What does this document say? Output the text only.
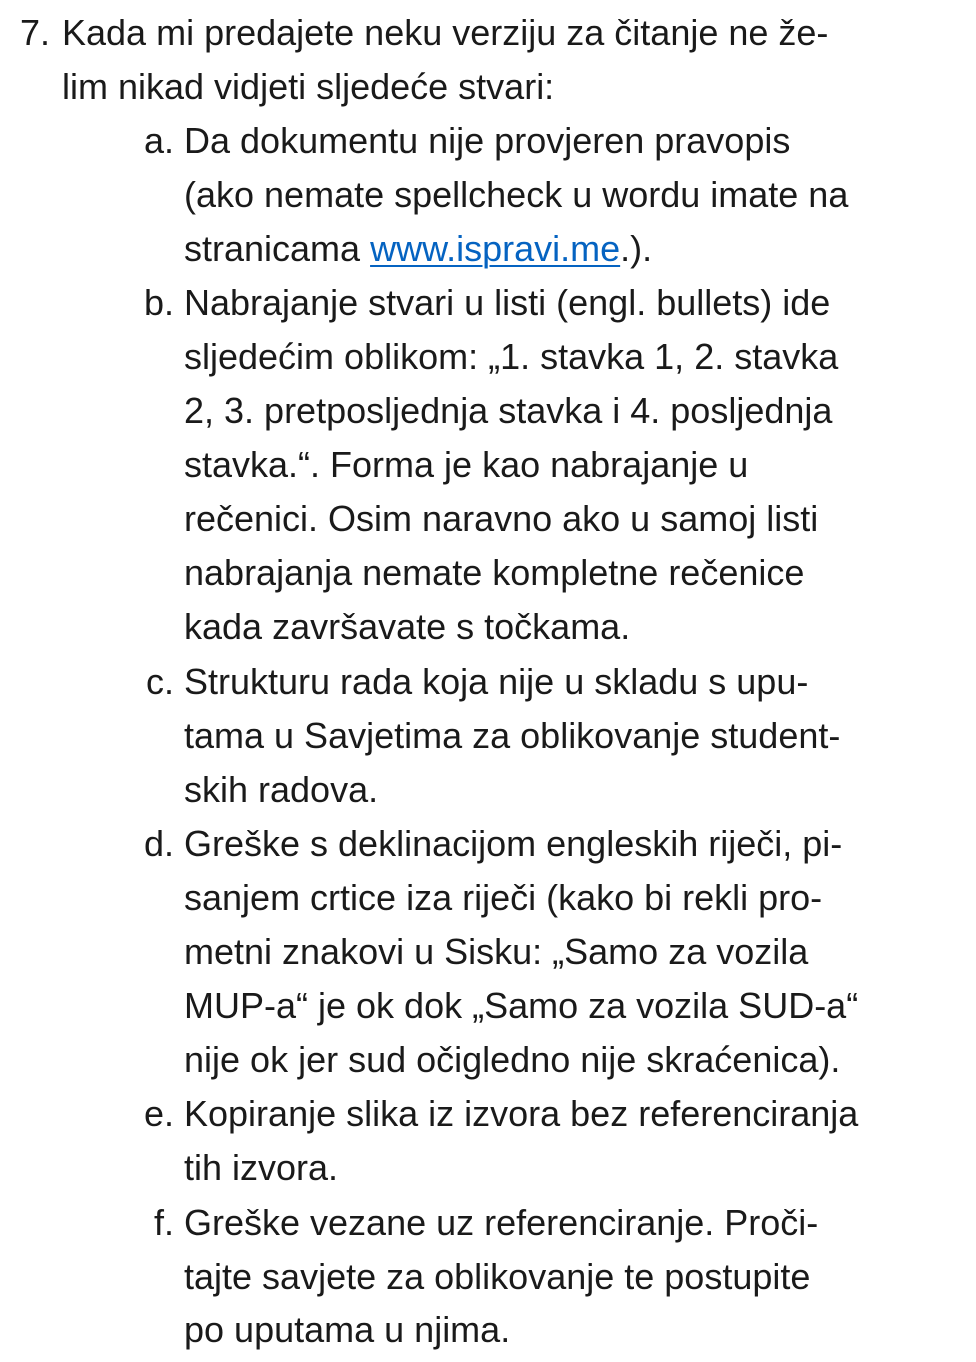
7. Kada mi predajete neku verziju za čitanje ne že-
lim nikad vidjeti sljedeće stvari:
a. Da dokumentu nije provjeren pravopis
(ako nemate spellcheck u wordu imate na
stranicama www.ispravi.me.).
b. Nabrajanje stvari u listi (engl. bullets) ide
sljedećim oblikom: „1. stavka 1, 2. stavka
2, 3. pretposljednja stavka i 4. posljednja
stavka.“. Forma je kao nabrajanje u
rečenici. Osim naravno ako u samoj listi
nabrajanja nemate kompletne rečenice
kada završavate s točkama.
c. Strukturu rada koja nije u skladu s upu-
tama u Savjetima za oblikovanje student-
skih radova.
d. Greške s deklinacijom engleskih riječi, pi-
sanjem crtice iza riječi (kako bi rekli pro-
metni znakovi u Sisku: „Samo za vozila
MUP-a“ je ok dok „Samo za vozila SUD-a“
nije ok jer sud očigledno nije skraćenica).
e. Kopiranje slika iz izvora bez referenciranja
tih izvora.
f. Greške vezane uz referenciranje. Proči-
tajte savjete za oblikovanje te postupite
po uputama u njima.
